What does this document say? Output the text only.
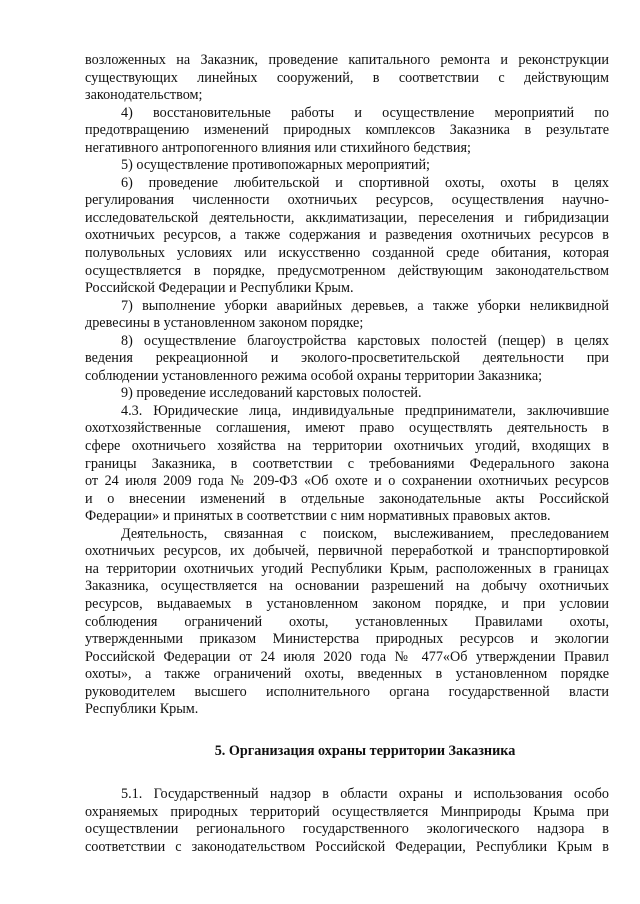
возложенных на Заказник, проведение капитального ремонта и реконструкции
существующих линейных сооружений, в соответствии с действующим
законодательством;
4) восстановительные работы и осуществление мероприятий по
предотвращению изменений природных комплексов Заказника в результате
негативного антропогенного влияния или стихийного бедствия;
5) осуществление противопожарных мероприятий;
6) проведение любительской и спортивной охоты, охоты в целях
регулирования численности охотничьих ресурсов, осуществления научно-
исследовательской деятельности, акклиматизации, переселения и гибридизации
охотничьих ресурсов, а также содержания и разведения охотничьих ресурсов в
полувольных условиях или искусственно созданной среде обитания, которая
осуществляется в порядке, предусмотренном действующим законодательством
Российской Федерации и Республики Крым.
7) выполнение уборки аварийных деревьев, а также уборки неликвидной
древесины в установленном законом порядке;
8) осуществление благоустройства карстовых полостей (пещер) в целях
ведения рекреационной и эколого-просветительской деятельности при
соблюдении установленного режима особой охраны территории Заказника;
9) проведение исследований карстовых полостей.
4.3. Юридические лица, индивидуальные предприниматели, заключившие
охотхозяйственные соглашения, имеют право осуществлять деятельность в
сфере охотничьего хозяйства на территории охотничьих угодий, входящих в
границы Заказника, в соответствии с требованиями Федерального закона
от 24 июля 2009 года № 209-ФЗ «Об охоте и о сохранении охотничьих ресурсов
и о внесении изменений в отдельные законодательные акты Российской
Федерации» и принятых в соответствии с ним нормативных правовых актов.
Деятельность, связанная с поиском, выслеживанием, преследованием
охотничьих ресурсов, их добычей, первичной переработкой и транспортировкой
на территории охотничьих угодий Республики Крым, расположенных в границах
Заказника, осуществляется на основании разрешений на добычу охотничьих
ресурсов, выдаваемых в установленном законом порядке, и при условии
соблюдения ограничений охоты, установленных Правилами охоты,
утвержденными приказом Министерства природных ресурсов и экологии
Российской Федерации от 24 июля 2020 года № 477«Об утверждении Правил
охоты», а также ограничений охоты, введенных в установленном порядке
руководителем высшего исполнительного органа государственной власти
Республики Крым.
5. Организация охраны территории Заказника
5.1. Государственный надзор в области охраны и использования особо
охраняемых природных территорий осуществляется Минприроды Крыма при
осуществлении регионального государственного экологического надзора в
соответствии с законодательством Российской Федерации, Республики Крым в
